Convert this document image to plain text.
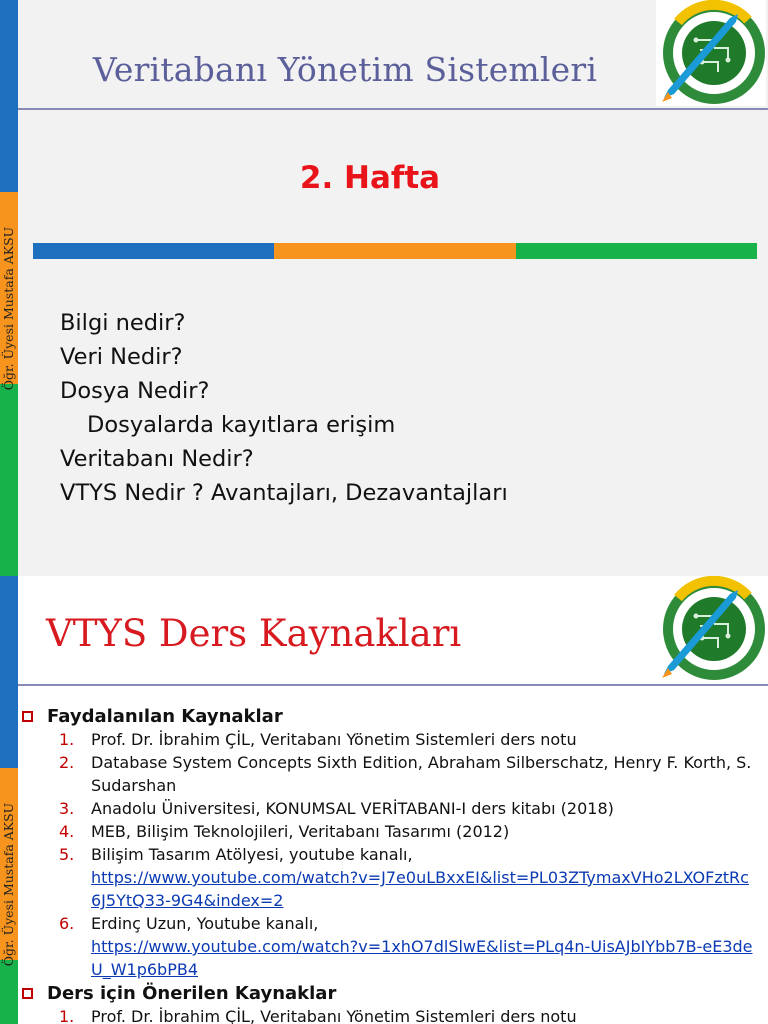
Öğr. Üyesi Mustafa AKSU
Veritabanı Yönetim Sistemleri
2. Hafta
Bilgi nedir?
Veri Nedir?
Dosya Nedir?
Dosyalarda kayıtlara erişim
Veritabanı Nedir?
VTYS Nedir ? Avantajları, Dezavantajları
Öğr. Üyesi Mustafa AKSU
VTYS Ders Kaynakları
Faydalanılan Kaynaklar
1. Prof. Dr. İbrahim ÇİL, Veritabanı Yönetim Sistemleri ders notu
2. Database System Concepts Sixth Edition, Abraham Silberschatz, Henry F. Korth, S. Sudarshan
3. Anadolu Üniversitesi, KONUMSAL VERİTABANI-I ders kitabı (2018)
4. MEB, Bilişim Teknolojileri, Veritabanı Tasarımı (2012)
5. Bilişim Tasarım Atölyesi, youtube kanalı,
https://www.youtube.com/watch?v=J7e0uLBxxEI&list=PL03ZTymaxVHo2LXOFztRc6J5YtQ33-9G4&index=2
6. Erdinç Uzun, Youtube kanalı,
https://www.youtube.com/watch?v=1xhO7dlSlwE&list=PLq4n-UisAJbIYbb7B-eE3deU_W1p6bPB4
Ders için Önerilen Kaynaklar
1. Prof. Dr. İbrahim ÇİL, Veritabanı Yönetim Sistemleri ders notu
